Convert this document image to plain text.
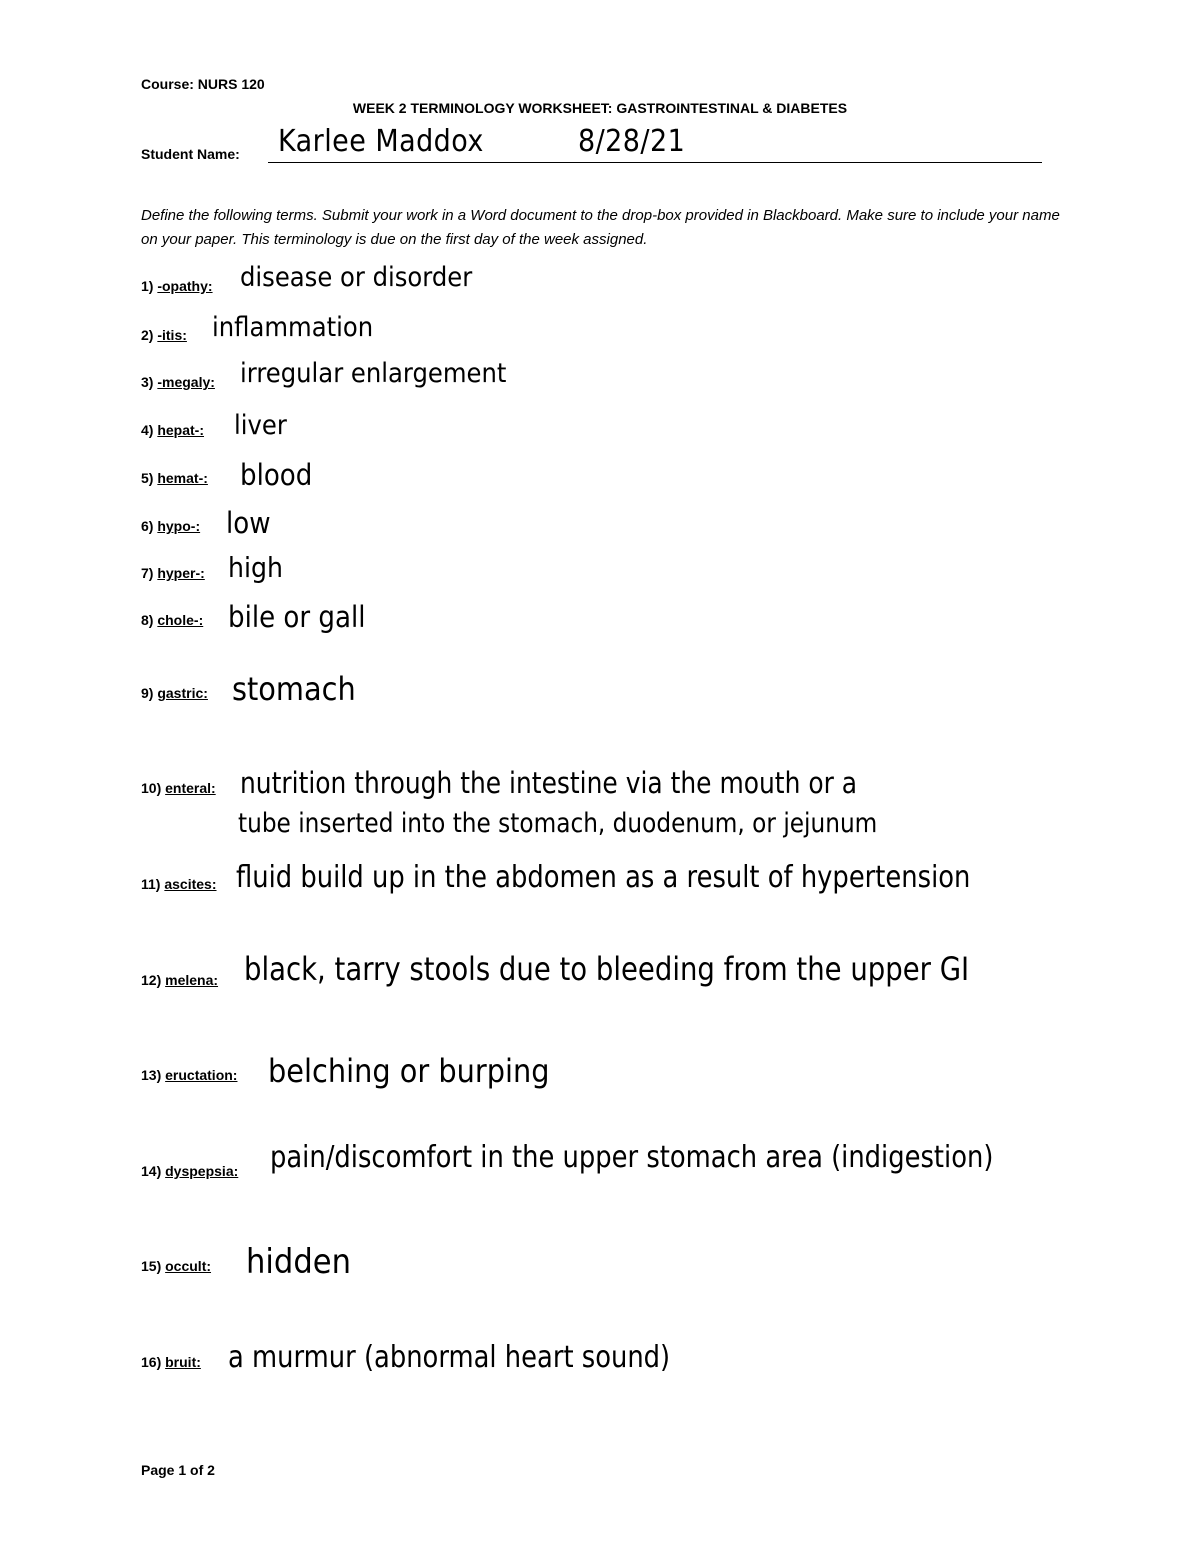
Course: NURS 120
WEEK 2 TERMINOLOGY WORKSHEET: GASTROINTESTINAL & DIABETES
Student Name: Karlee Maddox	8/28/21
Define the following terms. Submit your work in a Word document to the drop-box provided in Blackboard. Make sure to include your name on your paper. This terminology is due on the first day of the week assigned.
1) -opathy: disease or disorder
2) -itis: inflammation
3) -megaly: irregular enlargement
4) hepat-: liver
5) hemat-: blood
6) hypo-: low
7) hyper-: high
8) chole-: bile or gall
9) gastric: stomach
10) enteral: nutrition through the intestine via the mouth or a
tube inserted into the stomach, duodenum, or jejunum
11) ascites: fluid build up in the abdomen as a result of hypertension
12) melena: black, tarry stools due to bleeding from the upper GI
13) eructation: belching or burping
14) dyspepsia: pain/discomfort in the upper stomach area (indigestion)
15) occult: hidden
16) bruit: a murmur (abnormal heart sound)
Page 1 of 2
